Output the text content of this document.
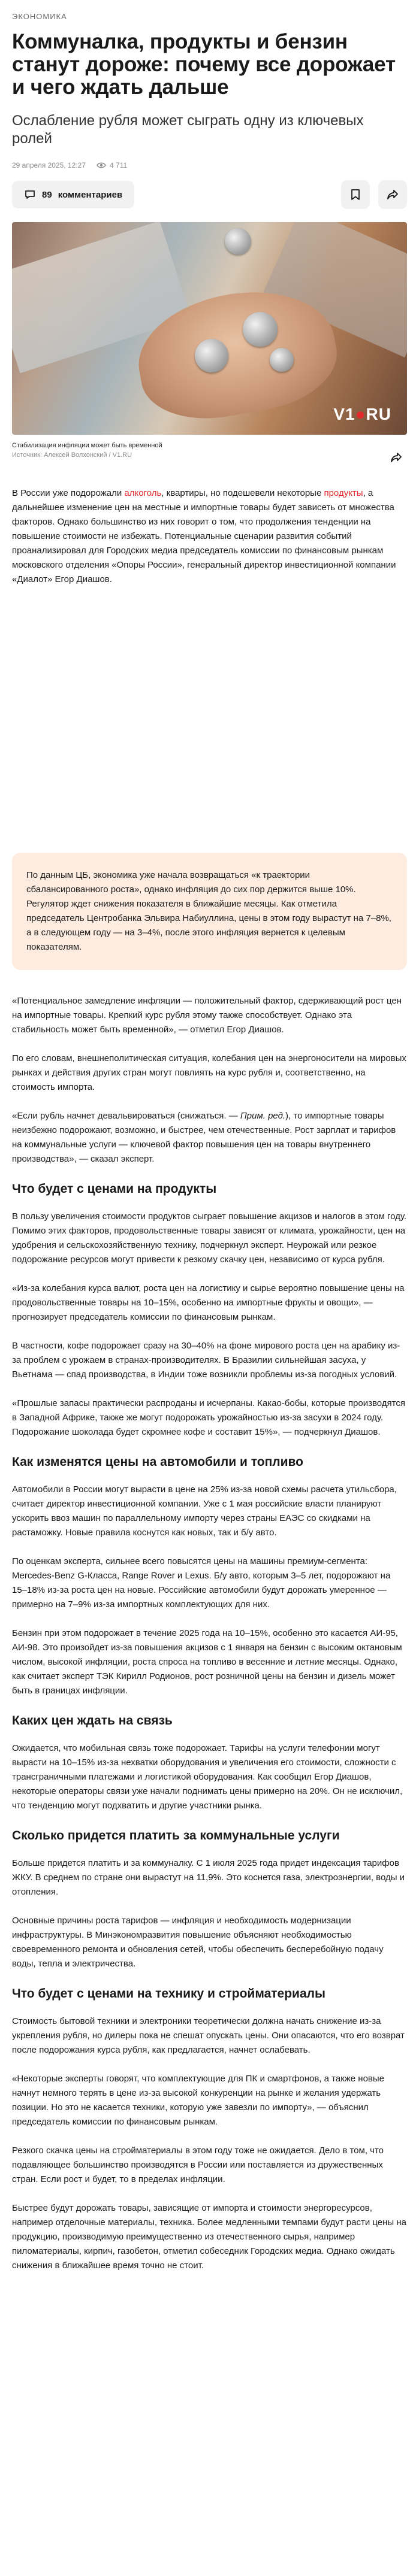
ЭКОНОМИКА
Коммуналка, продукты и бензин станут дороже: почему все дорожает и чего ждать дальше
Ослабление рубля может сыграть одну из ключевых ролей
29 апреля 2025, 12:27	4 711
89 комментариев
V1●RU
Стабилизация инфляции может быть временной
Источник: Алексей Волхонский / V1.RU

В России уже подорожали алкоголь, квартиры, но подешевели некоторые продукты, а дальнейшее изменение цен на местные и импортные товары будет зависеть от множества факторов. Однако большинство из них говорит о том, что продолжения тенденции на повышение стоимости не избежать. Потенциальные сценарии развития событий проанализировал для Городских медиа председатель комиссии по финансовым рынкам московского отделения «Опоры России», генеральный директор инвестиционной компании «Диалот» Егор Диашов.

По данным ЦБ, экономика уже начала возвращаться «к траектории сбалансированного роста», однако инфляция до сих пор держится выше 10%. Регулятор ждет снижения показателя в ближайшие месяцы. Как отметила председатель Центробанка Эльвира Набиуллина, цены в этом году вырастут на 7–8%, а в следующем году — на 3–4%, после этого инфляция вернется к целевым показателям.

«Потенциальное замедление инфляции — положительный фактор, сдерживающий рост цен на импортные товары. Крепкий курс рубля этому также способствует. Однако эта стабильность может быть временной», — отметил Егор Диашов.

По его словам, внешнеполитическая ситуация, колебания цен на энергоносители на мировых рынках и действия других стран могут повлиять на курс рубля и, соответственно, на стоимость импорта.

«Если рубль начнет девальвироваться (снижаться. — Прим. ред.), то импортные товары неизбежно подорожают, возможно, и быстрее, чем отечественные. Рост зарплат и тарифов на коммунальные услуги — ключевой фактор повышения цен на товары внутреннего производства», — сказал эксперт.

Что будет с ценами на продукты

В пользу увеличения стоимости продуктов сыграет повышение акцизов и налогов в этом году. Помимо этих факторов, продовольственные товары зависят от климата, урожайности, цен на удобрения и сельскохозяйственную технику, подчеркнул эксперт. Неурожай или резкое подорожание ресурсов могут привести к резкому скачку цен, независимо от курса рубля.

«Из-за колебания курса валют, роста цен на логистику и сырье вероятно повышение цены на продовольственные товары на 10–15%, особенно на импортные фрукты и овощи», — прогнозирует председатель комиссии по финансовым рынкам.

В частности, кофе подорожает сразу на 30–40% на фоне мирового роста цен на арабику из-за проблем с урожаем в странах-производителях. В Бразилии сильнейшая засуха, у Вьетнама — спад производства, в Индии тоже возникли проблемы из-за погодных условий.

«Прошлые запасы практически распроданы и исчерпаны. Какао-бобы, которые производятся в Западной Африке, также же могут подорожать урожайностью из-за засухи в 2024 году. Подорожание шоколада будет скромнее кофе и составит 15%», — подчеркнул Диашов.

Как изменятся цены на автомобили и топливо

Автомобили в России могут вырасти в цене на 25% из-за новой схемы расчета утильсбора, считает директор инвестиционной компании. Уже с 1 мая российские власти планируют ускорить ввоз машин по параллельному импорту через страны ЕАЭС со скидками на растаможку. Новые правила коснутся как новых, так и б/у авто.

По оценкам эксперта, сильнее всего повысятся цены на машины премиум-сегмента: Mercedes-Benz G-Класса, Range Rover и Lexus. Б/у авто, которым 3–5 лет, подорожают на 15–18% из-за роста цен на новые. Российские автомобили будут дорожать умеренное — примерно на 7–9% из-за импортных комплектующих для них.

Бензин при этом подорожает в течение 2025 года на 10–15%, особенно это касается АИ-95, АИ-98. Это произойдет из-за повышения акцизов с 1 января на бензин с высоким октановым числом, высокой инфляции, роста спроса на топливо в весенние и летние месяцы. Однако, как считает эксперт ТЭК Кирилл Родионов, рост розничной цены на бензин и дизель может быть в границах инфляции.

Каких цен ждать на связь

Ожидается, что мобильная связь тоже подорожает. Тарифы на услуги телефонии могут вырасти на 10–15% из-за нехватки оборудования и увеличения его стоимости, сложности с трансграничными платежами и логистикой оборудования. Как сообщил Егор Диашов, некоторые операторы связи уже начали поднимать цены примерно на 20%. Он не исключил, что тенденцию могут подхватить и другие участники рынка.

Сколько придется платить за коммунальные услуги

Больше придется платить и за коммуналку. С 1 июля 2025 года придет индексация тарифов ЖКУ. В среднем по стране они вырастут на 11,9%. Это коснется газа, электроэнергии, воды и отопления.

Основные причины роста тарифов — инфляция и необходимость модернизации инфраструктуры. В Минэкономразвития повышение объясняют необходимостью своевременного ремонта и обновления сетей, чтобы обеспечить бесперебойную подачу воды, тепла и электричества.

Что будет с ценами на технику и стройматериалы

Стоимость бытовой техники и электроники теоретически должна начать снижение из-за укрепления рубля, но дилеры пока не спешат опускать цены. Они опасаются, что его возврат после подорожания курса рубля, как предлагается, начнет ослабевать.

«Некоторые эксперты говорят, что комплектующие для ПК и смартфонов, а также новые начнут немного терять в цене из-за высокой конкуренции на рынке и желания удержать позиции. Но это не касается техники, которую уже завезли по импорту», — объяснил председатель комиссии по финансовым рынкам.

Резкого скачка цены на стройматериалы в этом году тоже не ожидается. Дело в том, что подавляющее большинство производятся в России или поставляется из дружественных стран. Если рост и будет, то в пределах инфляции.

Быстрее будут дорожать товары, зависящие от импорта и стоимости энергоресурсов, например отделочные материалы, техника. Более медленными темпами будут расти цены на продукцию, производимую преимущественно из отечественного сырья, например пиломатериалы, кирпич, газобетон, отметил собеседник Городских медиа. Однако ожидать снижения в ближайшее время точно не стоит.
